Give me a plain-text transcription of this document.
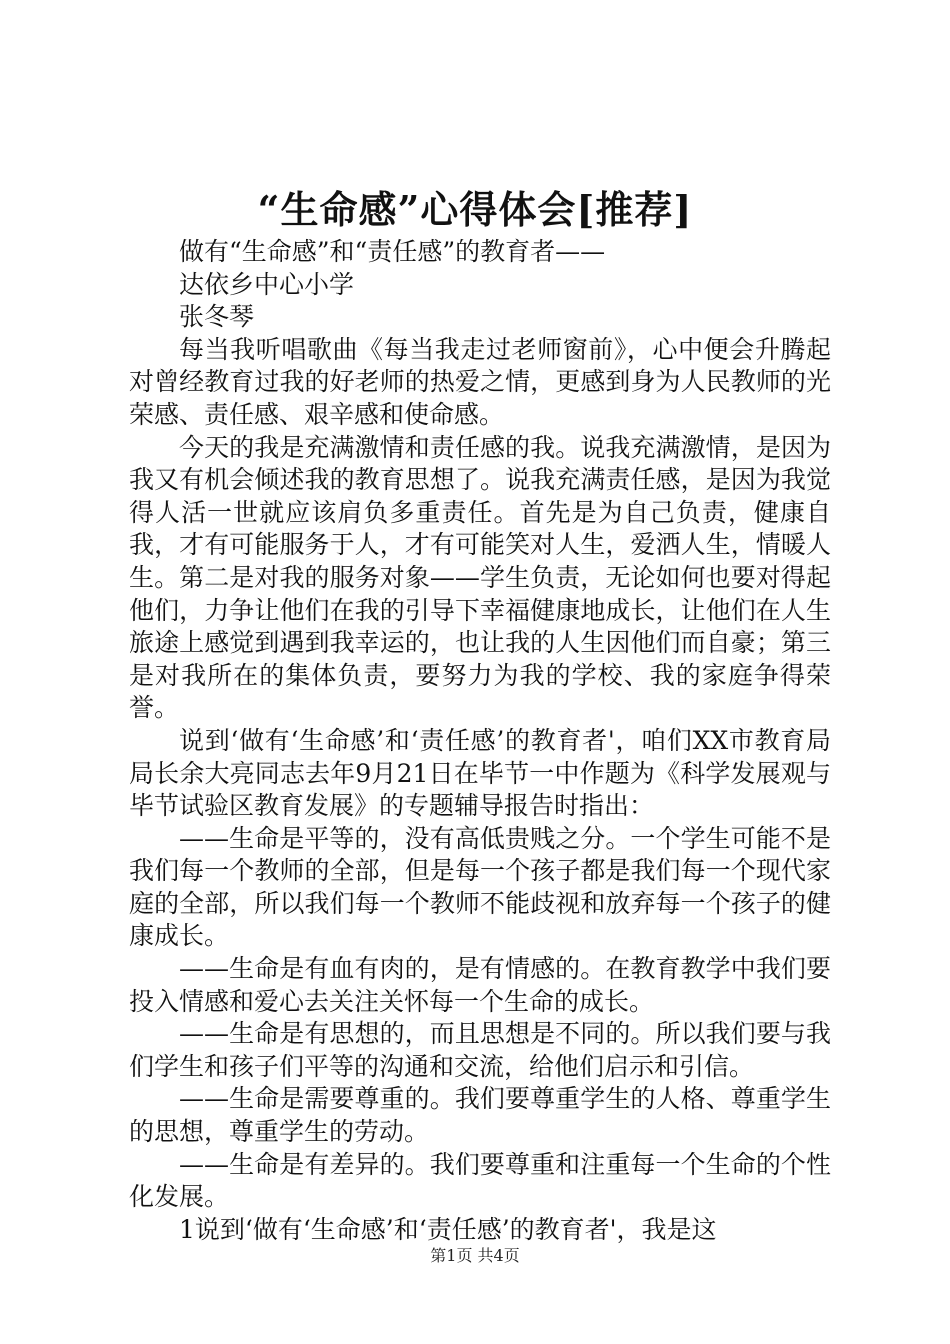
“生命感”心得体会[推荐]

做有“生命感”和“责任感”的教育者——

达依乡中心小学

张冬琴

每当我听唱歌曲《每当我走过老师窗前》，心中便会升腾起对曾经教育过我的好老师的热爱之情，更感到身为人民教师的光荣感、责任感、艰辛感和使命感。

今天的我是充满激情和责任感的我。说我充满激情，是因为我又有机会倾述我的教育思想了。说我充满责任感，是因为我觉得人活一世就应该肩负多重责任。首先是为自己负责，健康自我，才有可能服务于人，才有可能笑对人生，爱洒人生，情暖人生。第二是对我的服务对象——学生负责，无论如何也要对得起他们，力争让他们在我的引导下幸福健康地成长，让他们在人生旅途上感觉到遇到我幸运的，也让我的人生因他们而自豪；第三是对我所在的集体负责，要努力为我的学校、我的家庭争得荣誉。

说到‘做有‘生命感’和‘责任感’的教育者'，咱们XX市教育局局长余大亮同志去年9月21日在毕节一中作题为《科学发展观与毕节试验区教育发展》的专题辅导报告时指出：

——生命是平等的，没有高低贵贱之分。一个学生可能不是我们每一个教师的全部，但是每一个孩子都是我们每一个现代家庭的全部，所以我们每一个教师不能歧视和放弃每一个孩子的健康成长。

——生命是有血有肉的，是有情感的。在教育教学中我们要投入情感和爱心去关注关怀每一个生命的成长。

——生命是有思想的，而且思想是不同的。所以我们要与我们学生和孩子们平等的沟通和交流，给他们启示和引信。

——生命是需要尊重的。我们要尊重学生的人格、尊重学生的思想，尊重学生的劳动。

——生命是有差异的。我们要尊重和注重每一个生命的个性化发展。

1说到‘做有‘生命感’和‘责任感’的教育者'，我是这

第1页 共4页
